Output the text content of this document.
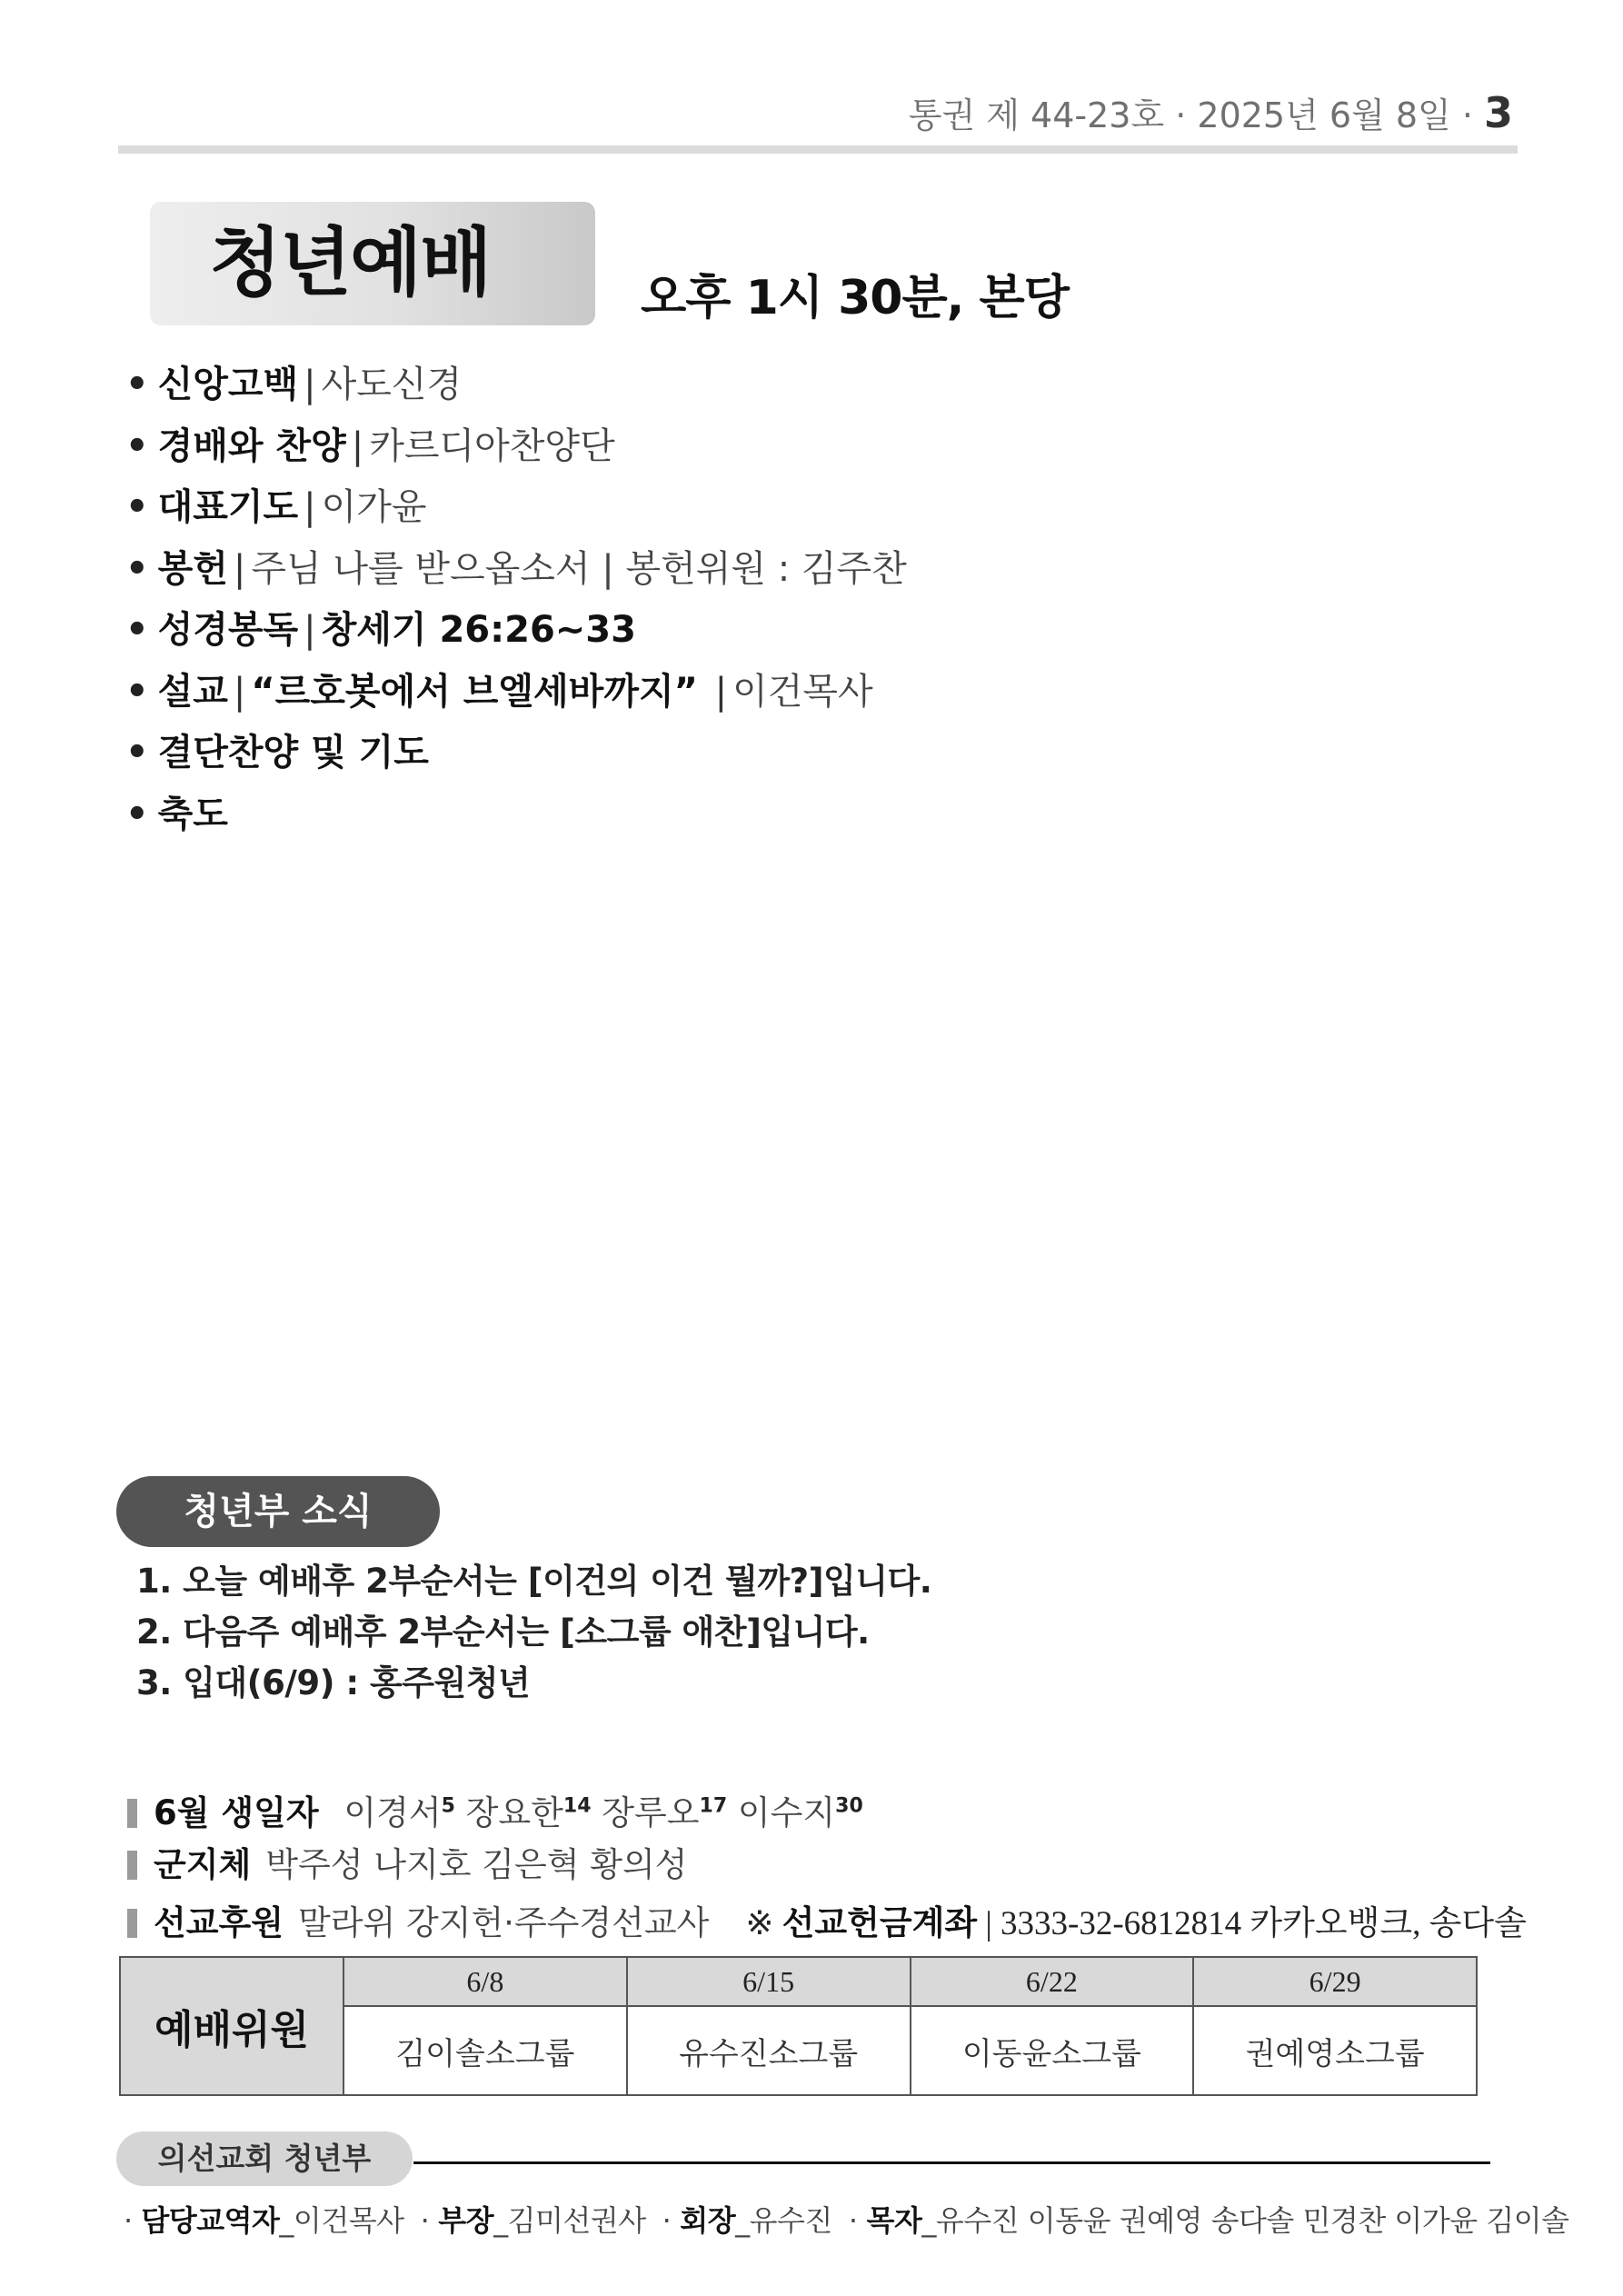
통권 제 44-23호 · 2025년 6월 8일 · 3
청년예배	오후 1시 30분, 본당
• 신앙고백 | 사도신경
• 경배와 찬양 | 카르디아찬양단
• 대표기도 | 이가윤
• 봉헌 | 주님 나를 받으옵소서 | 봉헌위원 : 김주찬
• 성경봉독 | 창세기 26:26~33
• 설교 | “르호봇에서 브엘세바까지” | 이건목사
• 결단찬양 및 기도
• 축도
청년부 소식
1. 오늘 예배후 2부순서는 [이건의 이건 뭘까?]입니다.
2. 다음주 예배후 2부순서는 [소그룹 애찬]입니다.
3. 입대(6/9) : 홍주원청년
6월 생일자 이경서$^5$ 장요한$^{14}$ 장루오$^{17}$ 이수지$^{30}$
군지체 박주성 나지호 김은혁 황의성
선교후원 말라위 강지헌·주수경선교사 ※ 선교헌금계좌 | 3333-32-6812814 카카오뱅크, 송다솔
예배위원	6/8	6/15	6/22	6/29
	김이솔소그룹	유수진소그룹	이동윤소그룹	권예영소그룹
의선교회 청년부
· 담당교역자_이건목사 · 부장_김미선권사 · 회장_유수진 · 목자_유수진 이동윤 권예영 송다솔 민경찬 이가윤 김이솔
